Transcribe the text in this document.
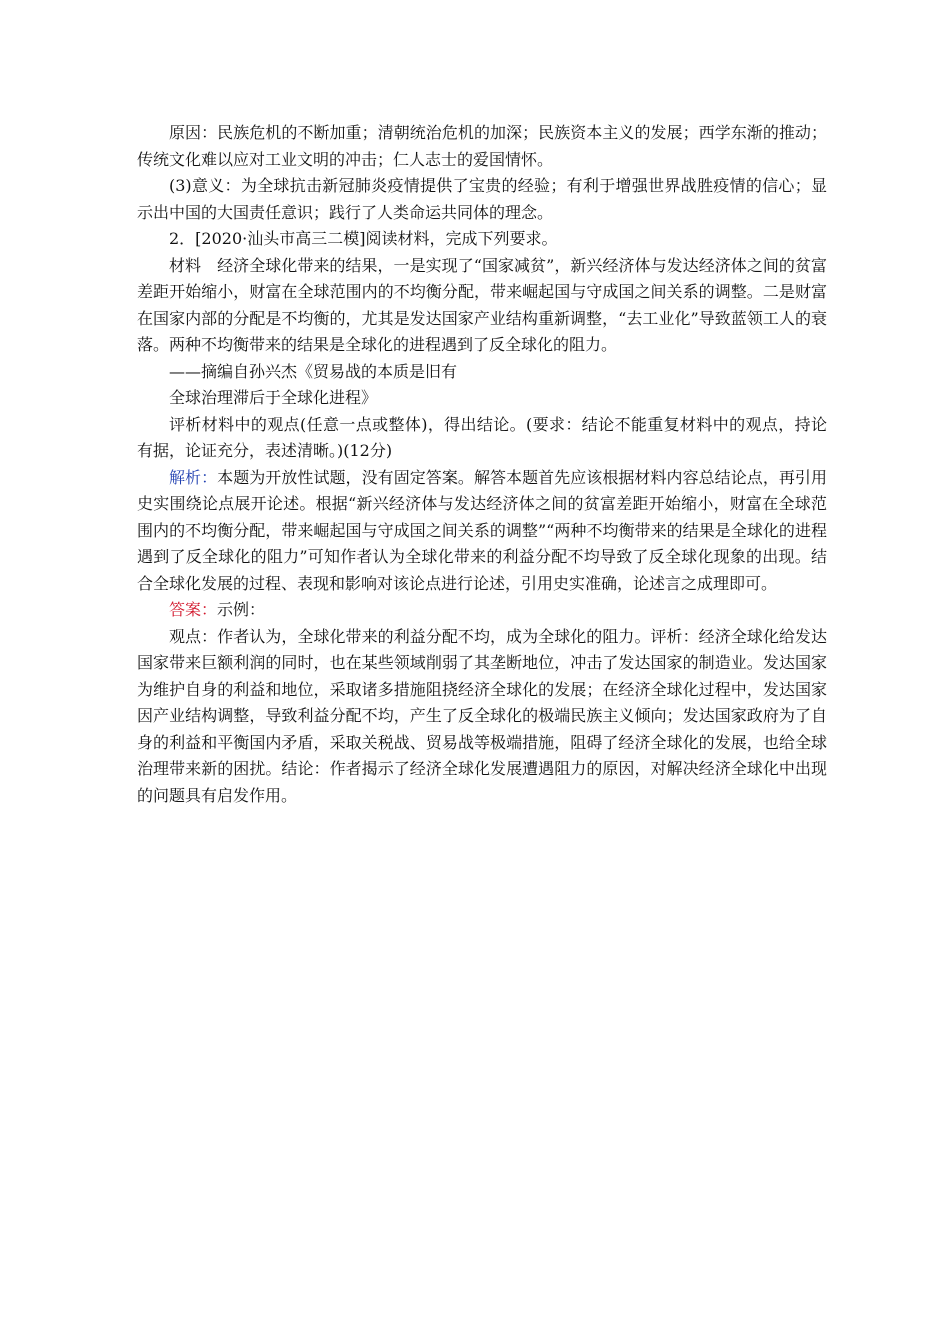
原因：民族危机的不断加重；清朝统治危机的加深；民族资本主义的发展；西学东渐的推动；传统文化难以应对工业文明的冲击；仁人志士的爱国情怀。

(3)意义：为全球抗击新冠肺炎疫情提供了宝贵的经验；有利于增强世界战胜疫情的信心；显示出中国的大国责任意识；践行了人类命运共同体的理念。

2．[2020·汕头市高三二模]阅读材料，完成下列要求。

材料　经济全球化带来的结果，一是实现了“国家减贫”，新兴经济体与发达经济体之间的贫富差距开始缩小，财富在全球范围内的不均衡分配，带来崛起国与守成国之间关系的调整。二是财富在国家内部的分配是不均衡的，尤其是发达国家产业结构重新调整，“去工业化”导致蓝领工人的衰落。两种不均衡带来的结果是全球化的进程遇到了反全球化的阻力。

——摘编自孙兴杰《贸易战的本质是旧有

全球治理滞后于全球化进程》

评析材料中的观点(任意一点或整体)，得出结论。(要求：结论不能重复材料中的观点，持论有据，论证充分，表述清晰。)(12分)

解析：本题为开放性试题，没有固定答案。解答本题首先应该根据材料内容总结论点，再引用史实围绕论点展开论述。根据“新兴经济体与发达经济体之间的贫富差距开始缩小，财富在全球范围内的不均衡分配，带来崛起国与守成国之间关系的调整”“两种不均衡带来的结果是全球化的进程遇到了反全球化的阻力”可知作者认为全球化带来的利益分配不均导致了反全球化现象的出现。结合全球化发展的过程、表现和影响对该论点进行论述，引用史实准确，论述言之成理即可。

答案：示例：

观点：作者认为，全球化带来的利益分配不均，成为全球化的阻力。评析：经济全球化给发达国家带来巨额利润的同时，也在某些领域削弱了其垄断地位，冲击了发达国家的制造业。发达国家为维护自身的利益和地位，采取诸多措施阻挠经济全球化的发展；在经济全球化过程中，发达国家因产业结构调整，导致利益分配不均，产生了反全球化的极端民族主义倾向；发达国家政府为了自身的利益和平衡国内矛盾，采取关税战、贸易战等极端措施，阻碍了经济全球化的发展，也给全球治理带来新的困扰。结论：作者揭示了经济全球化发展遭遇阻力的原因，对解决经济全球化中出现的问题具有启发作用。
